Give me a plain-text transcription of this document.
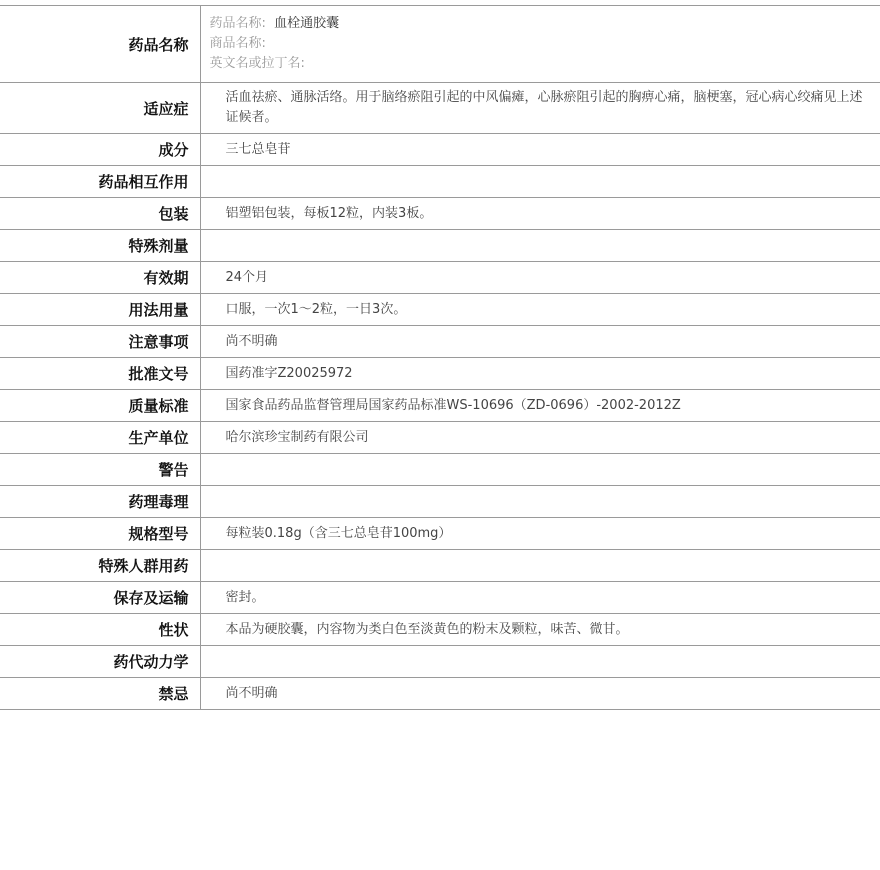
药品名称	药品名称: 血栓通胶囊
商品名称:
英文名或拉丁名:

适应症	活血祛瘀、通脉活络。用于脑络瘀阻引起的中风偏瘫，心脉瘀阻引起的胸痹心痛，脑梗塞，冠心病心绞痛见上述证候者。
成分	三七总皂苷
药品相互作用	
包装	铝塑铝包装，每板12粒，内装3板。
特殊剂量	
有效期	24个月
用法用量	口服，一次1～2粒，一日3次。
注意事项	尚不明确
批准文号	国药准字Z20025972
质量标准	国家食品药品监督管理局国家药品标准WS-10696（ZD-0696）-2002-2012Z
生产单位	哈尔滨珍宝制药有限公司
警告	
药理毒理	
规格型号	每粒装0.18g（含三七总皂苷100mg）
特殊人群用药	
保存及运输	密封。
性状	本品为硬胶囊，内容物为类白色至淡黄色的粉末及颗粒，味苦、微甘。
药代动力学	
禁忌	尚不明确
